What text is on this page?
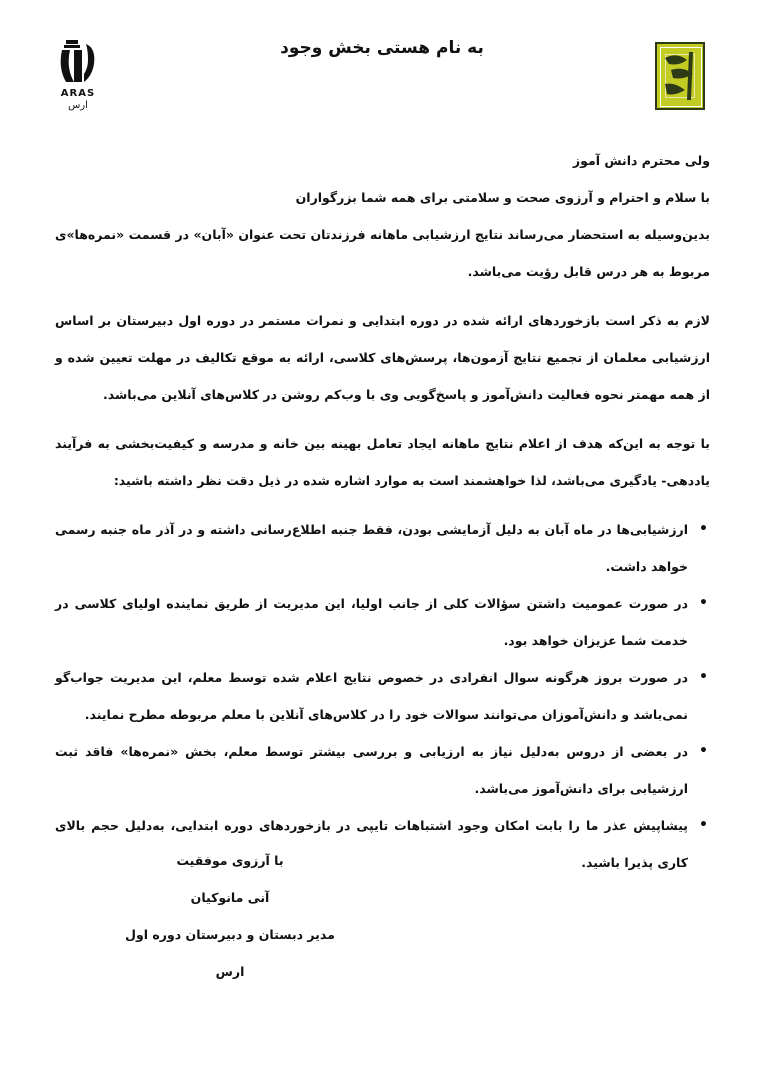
ARAS
ارس
به نام هستی بخش وجود

ولی محترم دانش آموز

با سلام و احترام و آرزوی صحت و سلامتی برای همه شما بزرگواران

بدین‌وسیله به استحضار می‌رساند نتایج ارزشیابی ماهانه فرزندتان تحت عنوان «آبان» در قسمت «نمره‌ها»ی مربوط به هر درس قابل رؤیت می‌باشد.

لازم به ذکر است بازخوردهای ارائه شده در دوره ابتدایی و نمرات مستمر در دوره اول دبیرستان بر اساس ارزشیابی معلمان از تجمیع نتایج آزمون‌ها، پرسش‌های کلاسی، ارائه به موقع تکالیف در مهلت تعیین شده و از همه مهمتر نحوه فعالیت دانش‌آموز و پاسخ‌گویی وی با وب‌کم روشن در کلاس‌های آنلاین می‌باشد.

با توجه به این‌که هدف از اعلام نتایج ماهانه ایجاد تعامل بهینه بین خانه و مدرسه و کیفیت‌بخشی به فرآیند یاددهی- یادگیری می‌باشد، لذا خواهشمند است به موارد اشاره شده در ذیل دقت نظر داشته باشید:

• ارزشیابی‌ها در ماه آبان به دلیل آزمایشی بودن، فقط جنبه اطلاع‌رسانی داشته و در آذر ماه جنبه رسمی خواهد داشت.
• در صورت عمومیت داشتن سؤالات کلی از جانب اولیا، این مدیریت از طریق نماینده اولیای کلاسی در خدمت شما عزیزان خواهد بود.
• در صورت بروز هرگونه سوال انفرادی در خصوص نتایج اعلام شده توسط معلم، این مدیریت جواب‌گو نمی‌باشد و دانش‌آموزان می‌توانند سوالات خود را در کلاس‌های آنلاین با معلم مربوطه مطرح نمایند.
• در بعضی از دروس به‌دلیل نیاز به ارزیابی و بررسی بیشتر توسط معلم، بخش «نمره‌ها» فاقد ثبت ارزشیابی برای دانش‌آموز می‌باشد.
• پیشاپیش عذر ما را بابت امکان وجود اشتباهات تایپی در بازخوردهای دوره ابتدایی، به‌دلیل حجم بالای کاری پذیرا باشید.
با آرزوی موفقیت
آنی مانوکیان
مدیر دبستان و دبیرستان دوره اول ارس
